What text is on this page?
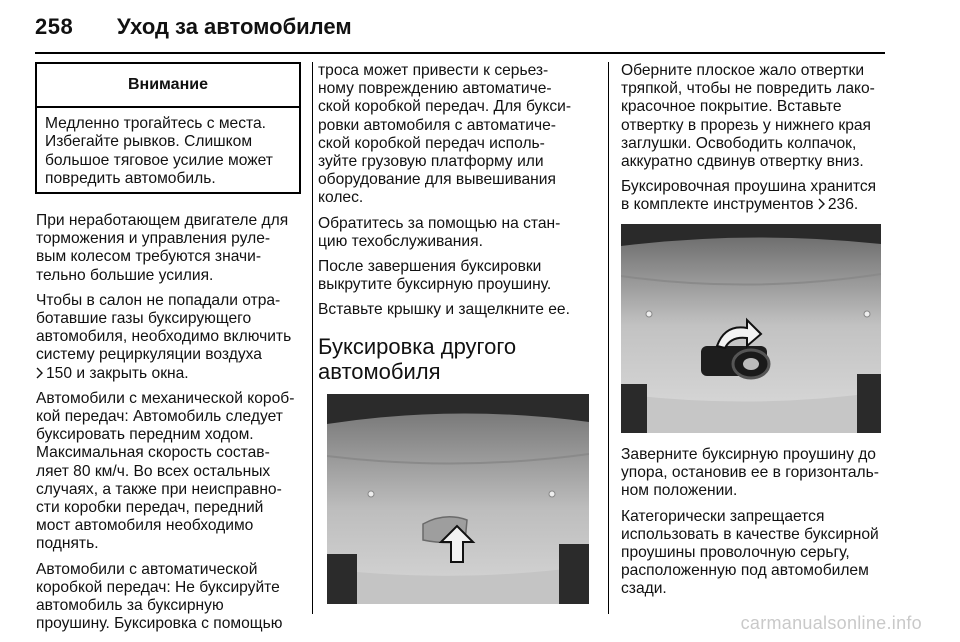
258 Уход за автомобилем
Внимание
Медленно трогайтесь с места.
Избегайте рывков. Слишком
большое тяговое усилие может
повредить автомобиль.

При неработающем двигателе для
торможения и управления руле-
вым колесом требуются значи-
тельно большие усилия.

Чтобы в салон не попадали отра-
ботавшие газы буксирующего
автомобиля, необходимо включить
систему рециркуляции воздуха
150 и закрыть окна.

Автомобили с механической короб-
кой передач: Автомобиль следует
буксировать передним ходом.
Максимальная скорость состав-
ляет 80 км/ч. Во всех остальных
случаях, а также при неисправно-
сти коробки передач, передний
мост автомобиля необходимо
поднять.

Автомобили с автоматической
коробкой передач: Не буксируйте
автомобиль за буксирную
проушину. Буксировка с помощью

троса может привести к серьез-
ному повреждению автоматиче-
ской коробкой передач. Для букси-
ровки автомобиля с автоматиче-
ской коробкой передач исполь-
зуйте грузовую платформу или
оборудование для вывешивания
колес.

Обратитесь за помощью на стан-
цию техобслуживания.

После завершения буксировки
выкрутите буксирную проушину.

Вставьте крышку и защелкните ее.

Буксировка другого
автомобиля

Оберните плоское жало отвертки
тряпкой, чтобы не повредить лако-
красочное покрытие. Вставьте
отвертку в прорезь у нижнего края
заглушки. Освободить колпачок,
аккуратно сдвинув отвертку вниз.

Буксировочная проушина хранится
в комплекте инструментов 236.

Заверните буксирную проушину до
упора, остановив ее в горизонталь-
ном положении.

Категорически запрещается
использовать в качестве буксирной
проушины проволочную серьгу,
расположенную под автомобилем
сзади.

carmanualsonline.info
